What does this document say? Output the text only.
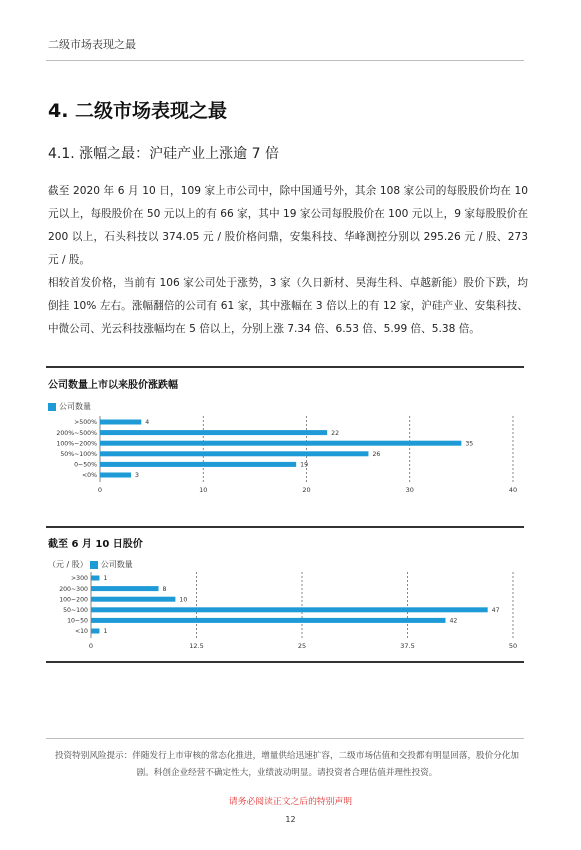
二级市场表现之最
4. 二级市场表现之最
4.1. 涨幅之最：沪硅产业上涨逾 7 倍

截至 2020 年 6 月 10 日，109 家上市公司中，除中国通号外，其余 108 家公司的每股股价均在 10 元以上，每股股价在 50 元以上的有 66 家，其中 19 家公司每股股价在 100 元以上，9 家每股股价在 200 以上，石头科技以 374.05 元 / 股价格问鼎，安集科技、华峰测控分别以 295.26 元 / 股、273 元 / 股。

相较首发价格，当前有 106 家公司处于涨势，3 家（久日新材、昊海生科、卓越新能）股价下跌，均倒挂 10% 左右。涨幅翻倍的公司有 61 家，其中涨幅在 3 倍以上的有 12 家，沪硅产业、安集科技、中微公司、光云科技涨幅均在 5 倍以上，分别上涨 7.34 倍、6.53 倍、5.99 倍、5.38 倍。

公司数量上市以来股价涨跌幅
公司数量
0	10	20	30	40
>500%	4
200%~500%	22
100%~200%	35
50%~100%	26
0~50%	19
<0%	3
截至 6 月 10 日股价
（元 / 股） 公司数量
0	12.5	25	37.5	50
>300 1
200~300	8
100~200	10
50~100	47
10~50	42
<10 1
投资特别风险提示：伴随发行上市审核的常态化推进，增量供给迅速扩容，二级市场估值和交投都有明显回落，股价分化加剧。科创企业经营不确定性大，业绩波动明显。请投资者合理估值并理性投资。
请务必阅读正文之后的特别声明
12
